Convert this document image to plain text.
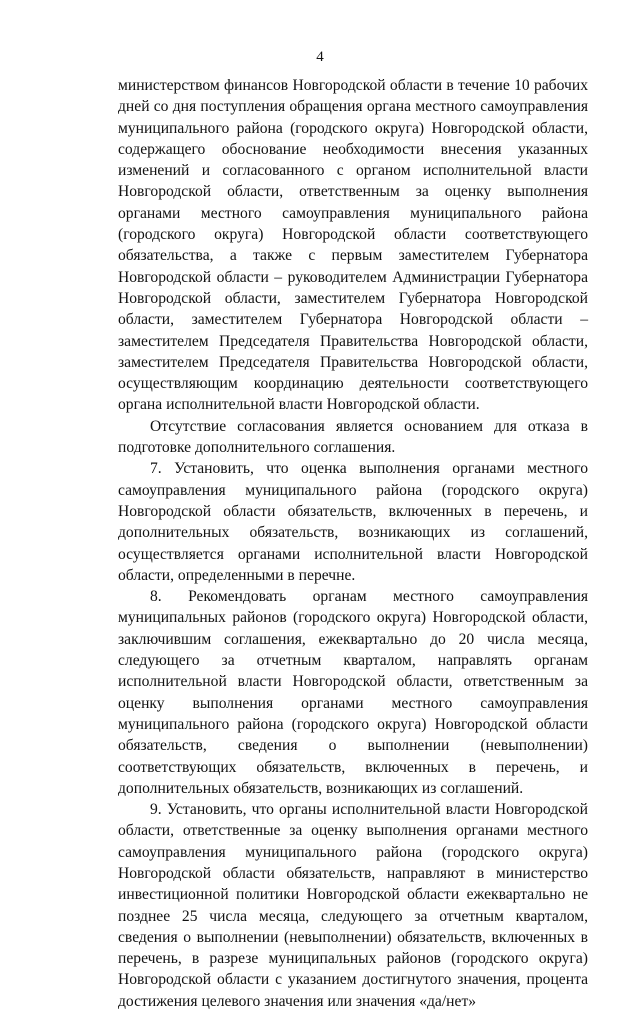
4

министерством финансов Новгородской области в течение 10 рабочих дней со дня поступления обращения органа местного самоуправления муниципального района (городского округа) Новгородской области, содержащего обоснование необходимости внесения указанных изменений и согласованного с органом исполнительной власти Новгородской области, ответственным за оценку выполнения органами местного самоуправления муниципального района (городского округа) Новгородской области соответствующего обязательства, а также с первым заместителем Губернатора Новгородской области – руководителем Администрации Губернатора Новгородской области, заместителем Губернатора Новгородской области, заместителем Губернатора Новгородской области – заместителем Председателя Правительства Новгородской области, заместителем Председателя Правительства Новгородской области, осуществляющим координацию деятельности соответствующего органа исполнительной власти Новгородской области.

Отсутствие согласования является основанием для отказа в подготовке дополнительного соглашения.

7. Установить, что оценка выполнения органами местного самоуправления муниципального района (городского округа) Новгородской области обязательств, включенных в перечень, и дополнительных обязательств, возникающих из соглашений, осуществляется органами исполнительной власти Новгородской области, определенными в перечне.

8. Рекомендовать органам местного самоуправления муниципальных районов (городского округа) Новгородской области, заключившим соглашения, ежеквартально до 20 числа месяца, следующего за отчетным кварталом, направлять органам исполнительной власти Новгородской области, ответственным за оценку выполнения органами местного самоуправления муниципального района (городского округа) Новгородской области обязательств, сведения о выполнении (невыполнении) соответствующих обязательств, включенных в перечень, и дополнительных обязательств, возникающих из соглашений.

9. Установить, что органы исполнительной власти Новгородской области, ответственные за оценку выполнения органами местного самоуправления муниципального района (городского округа) Новгородской области обязательств, направляют в министерство инвестиционной политики Новгородской области ежеквартально не позднее 25 числа месяца, следующего за отчетным кварталом, сведения о выполнении (невыполнении) обязательств, включенных в перечень, в разрезе муниципальных районов (городского округа) Новгородской области с указанием достигнутого значения, процента достижения целевого значения или значения «да/нет»
